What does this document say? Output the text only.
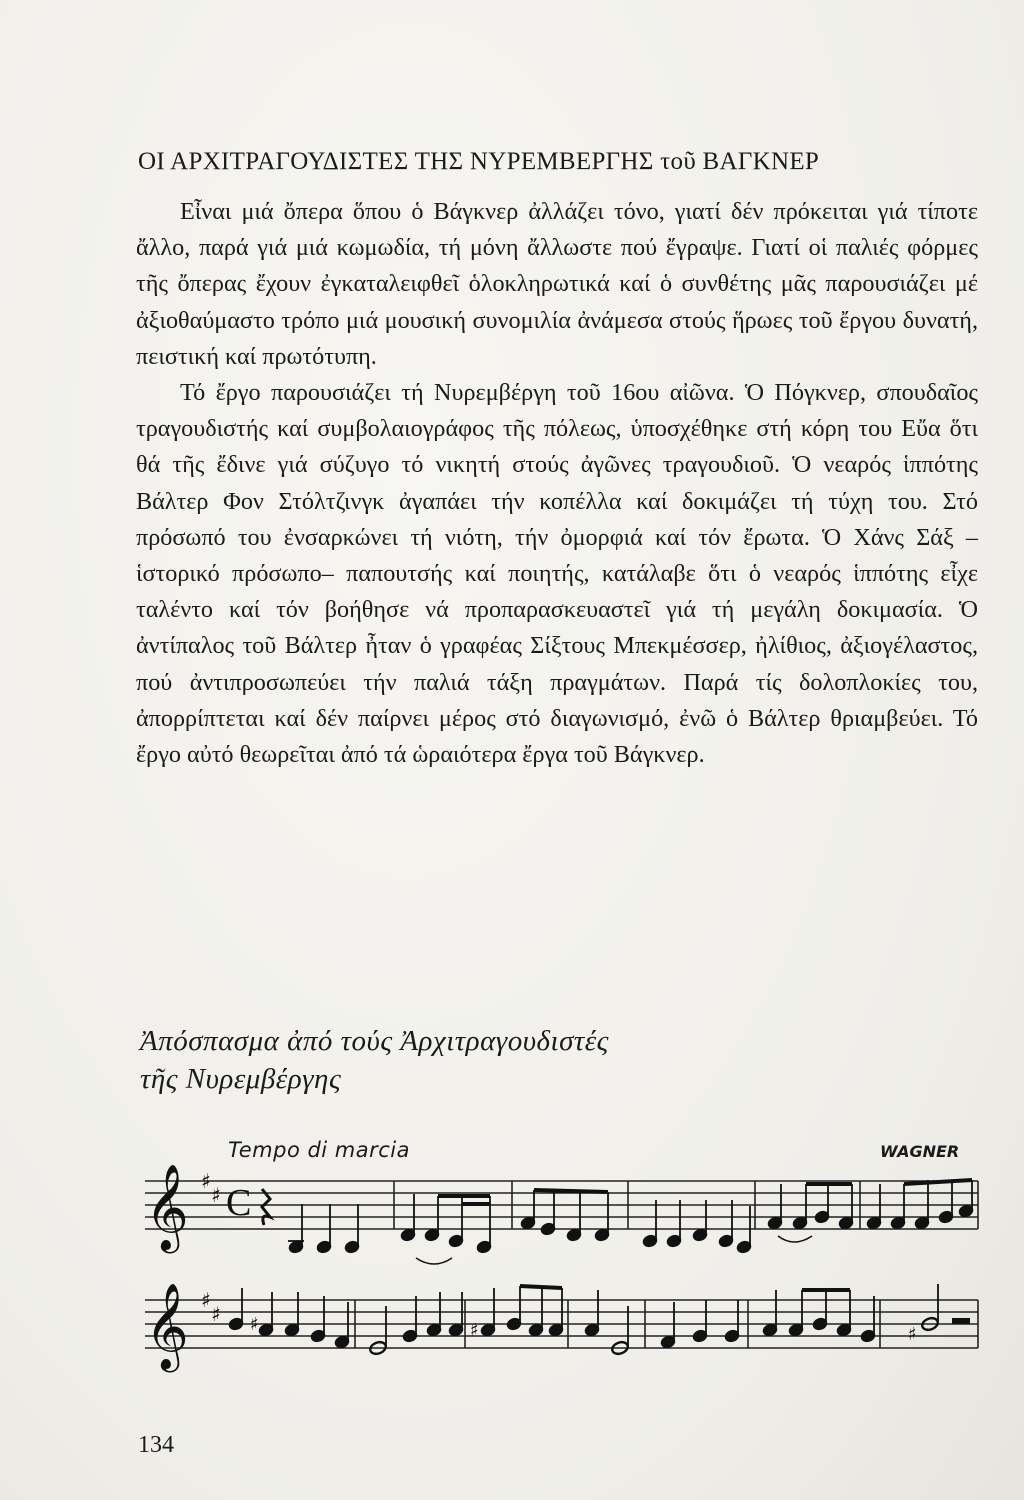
ΟΙ ΑΡΧΙΤΡΑΓΟΥΔΙΣΤΕΣ ΤΗΣ ΝΥΡΕΜΒΕΡΓΗΣ τοῦ ΒΑΓΚΝΕΡ

Εἶναι μιά ὄπερα ὅπου ὁ Βάγκνερ ἀλλάζει τόνο, γιατί δέν πρόκειται γιά τίποτε ἄλλο, παρά γιά μιά κωμωδία, τή μόνη ἄλλωστε πού ἔγραψε. Γιατί οἱ παλιές φόρμες τῆς ὄπερας ἔχουν ἐγκαταλειφθεῖ ὁλοκληρωτικά καί ὁ συνθέτης μᾶς παρουσιάζει μέ ἀξιοθαύμαστο τρόπο μιά μουσική συνομιλία ἀνάμεσα στούς ἥρωες τοῦ ἔργου δυνατή, πειστική καί πρωτότυπη.

Τό ἔργο παρουσιάζει τή Νυρεμβέργη τοῦ 16ου αἰῶνα. Ὁ Πόγκνερ, σπουδαῖος τραγουδιστής καί συμβολαιογράφος τῆς πόλεως, ὑποσχέθηκε στή κόρη του Εὔα ὅτι θά τῆς ἔδινε γιά σύζυγο τό νικητή στούς ἀγῶνες τραγουδιοῦ. Ὁ νεαρός ἱππότης Βάλτερ Φον Στόλτζινγκ ἀγαπάει τήν κοπέλλα καί δοκιμάζει τή τύχη του. Στό πρόσωπό του ἐνσαρκώνει τή νιότη, τήν ὀμορφιά καί τόν ἔρωτα. Ὁ Χάνς Σάξ –ἱστορικό πρόσωπο– παπουτσής καί ποιητής, κατάλαβε ὅτι ὁ νεαρός ἱππότης εἶχε ταλέντο καί τόν βοήθησε νά προπαρασκευαστεῖ γιά τή μεγάλη δοκιμασία. Ὁ ἀντίπαλος τοῦ Βάλτερ ἦταν ὁ γραφέας Σίξτους Μπεκμέσσερ, ἠλίθιος, ἀξιογέλαστος, πού ἀντιπροσωπεύει τήν παλιά τάξη πραγμάτων. Παρά τίς δολοπλοκίες του, ἀπορρίπτεται καί δέν παίρνει μέρος στό διαγωνισμό, ἐνῶ ὁ Βάλτερ θριαμβεύει. Τό ἔργο αὐτό θεωρεῖται ἀπό τά ὡραιότερα ἔργα τοῦ Βάγκνερ.

Ἀπόσπασμα ἀπό τούς Ἀρχιτραγουδιστές
τῆς Νυρεμβέργης
Tempo di marcia	WAGNER
𝄞
𝄞
♯
♯
♯
♯
C
♯	♯	♯
134
